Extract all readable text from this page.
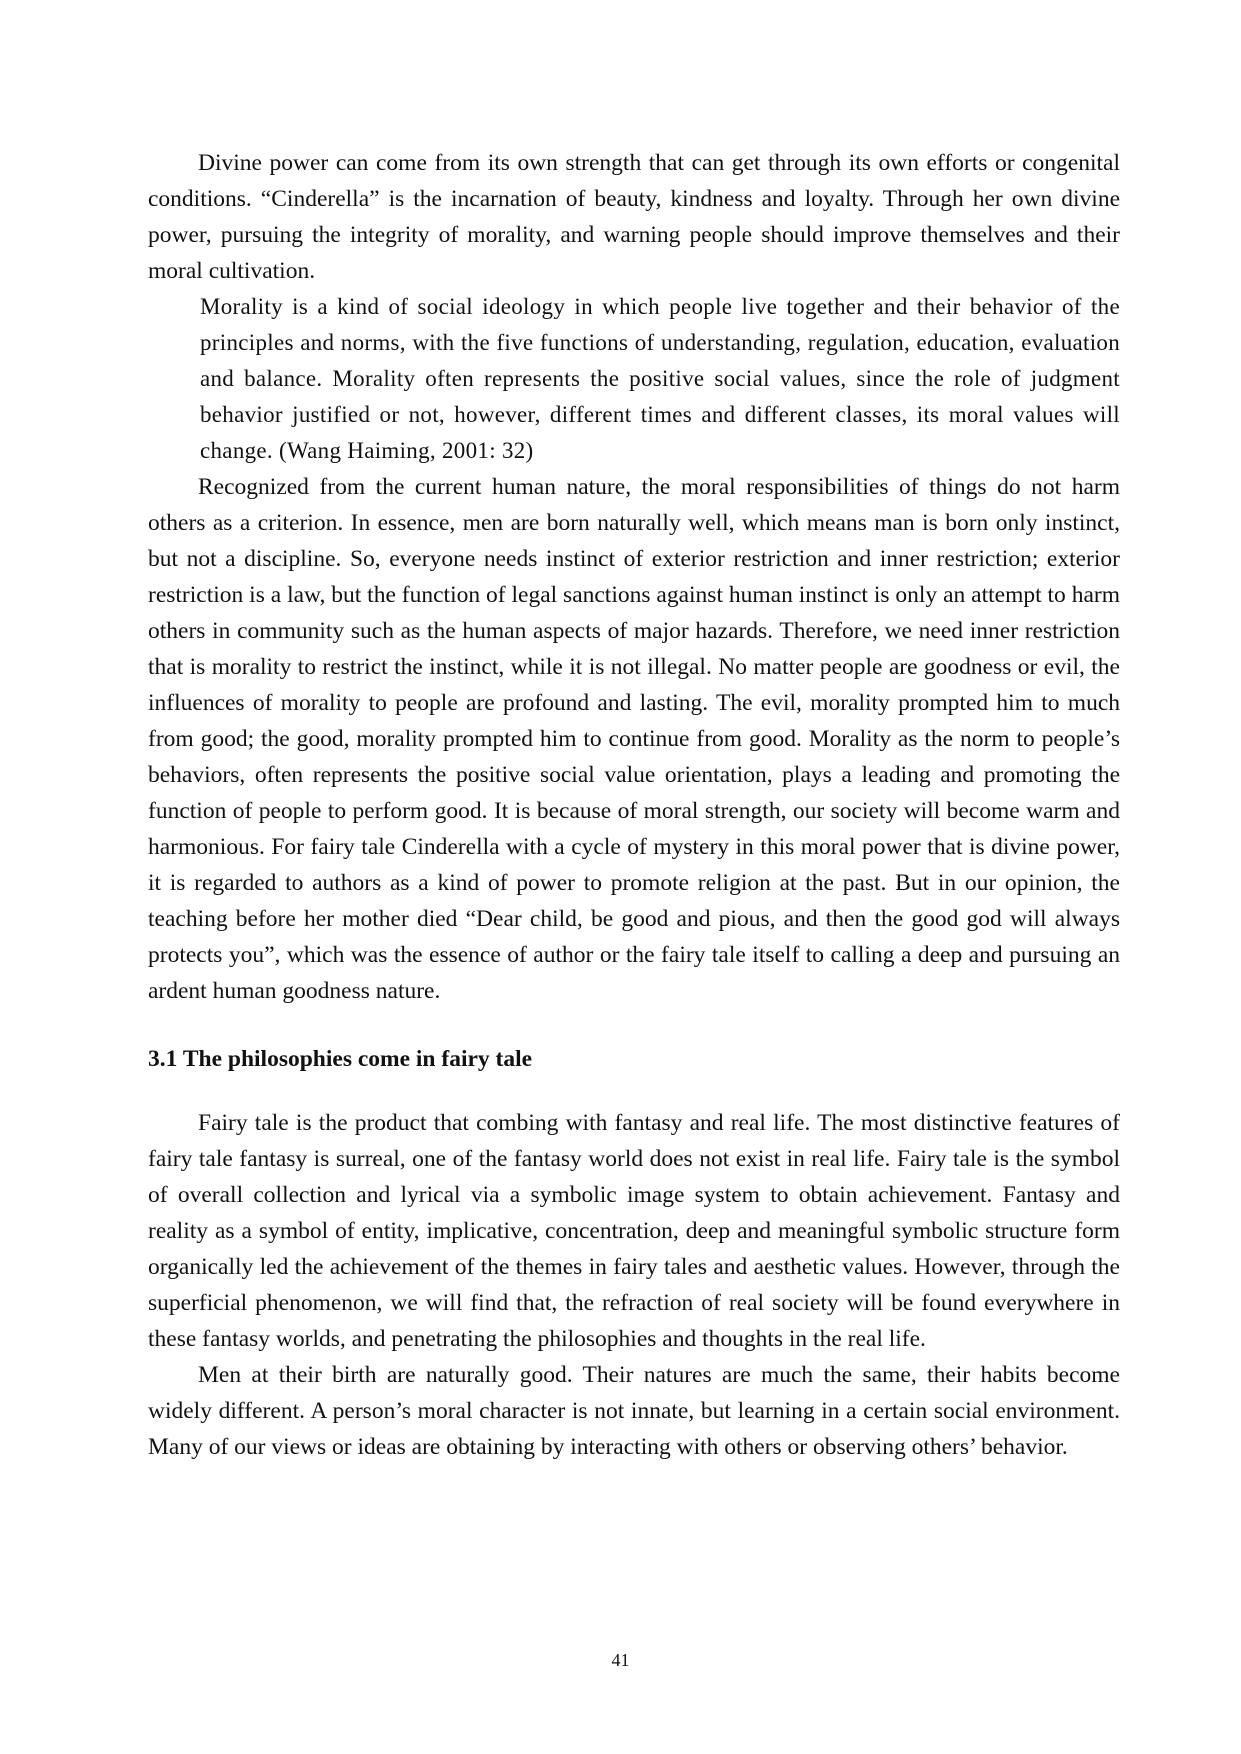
Divine power can come from its own strength that can get through its own efforts or congenital conditions. “Cinderella” is the incarnation of beauty, kindness and loyalty. Through her own divine power, pursuing the integrity of morality, and warning people should improve themselves and their moral cultivation.

Morality is a kind of social ideology in which people live together and their behavior of the principles and norms, with the five functions of understanding, regulation, education, evaluation and balance. Morality often represents the positive social values, since the role of judgment behavior justified or not, however, different times and different classes, its moral values will change. (Wang Haiming, 2001: 32)

Recognized from the current human nature, the moral responsibilities of things do not harm others as a criterion. In essence, men are born naturally well, which means man is born only instinct, but not a discipline. So, everyone needs instinct of exterior restriction and inner restriction; exterior restriction is a law, but the function of legal sanctions against human instinct is only an attempt to harm others in community such as the human aspects of major hazards. Therefore, we need inner restriction that is morality to restrict the instinct, while it is not illegal. No matter people are goodness or evil, the influences of morality to people are profound and lasting. The evil, morality prompted him to much from good; the good, morality prompted him to continue from good. Morality as the norm to people’s behaviors, often represents the positive social value orientation, plays a leading and promoting the function of people to perform good. It is because of moral strength, our society will become warm and harmonious. For fairy tale Cinderella with a cycle of mystery in this moral power that is divine power, it is regarded to authors as a kind of power to promote religion at the past. But in our opinion, the teaching before her mother died “Dear child, be good and pious, and then the good god will always protects you”, which was the essence of author or the fairy tale itself to calling a deep and pursuing an ardent human goodness nature.

3.1 The philosophies come in fairy tale

Fairy tale is the product that combing with fantasy and real life. The most distinctive features of fairy tale fantasy is surreal, one of the fantasy world does not exist in real life. Fairy tale is the symbol of overall collection and lyrical via a symbolic image system to obtain achievement. Fantasy and reality as a symbol of entity, implicative, concentration, deep and meaningful symbolic structure form organically led the achievement of the themes in fairy tales and aesthetic values. However, through the superficial phenomenon, we will find that, the refraction of real society will be found everywhere in these fantasy worlds, and penetrating the philosophies and thoughts in the real life.

Men at their birth are naturally good. Their natures are much the same, their habits become widely different. A person’s moral character is not innate, but learning in a certain social environment. Many of our views or ideas are obtaining by interacting with others or observing others’ behavior.

41
